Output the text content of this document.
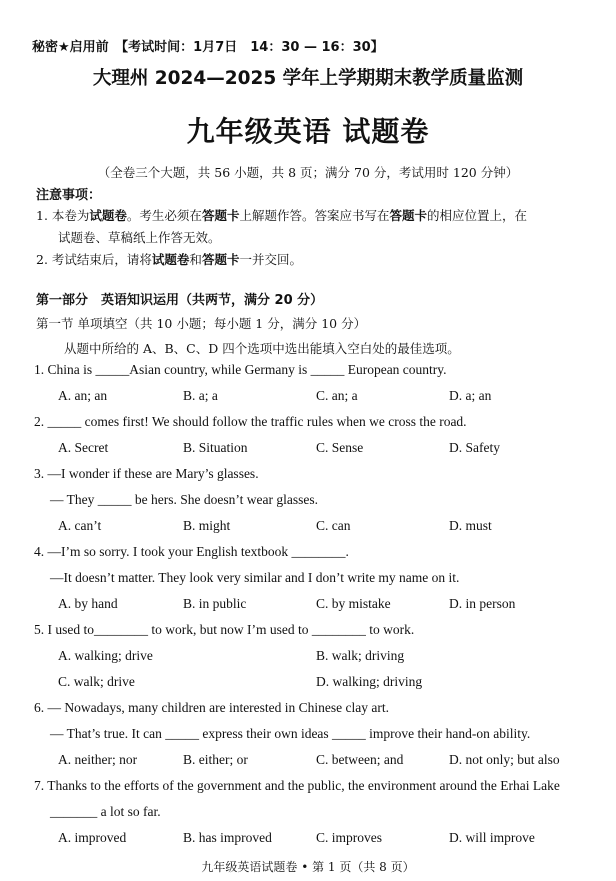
秘密★启用前　【考试时间：1月7日　14：30 — 16：30】
大理州 2024—2025 学年上学期期末教学质量监测
九年级英语 试题卷
（全卷三个大题，共 56 小题，共 8 页；满分 70 分，考试用时 120 分钟）
注意事项：
1. 本卷为试题卷。考生必须在答题卡上解题作答。答案应书写在答题卡的相应位置上，在
试题卷、草稿纸上作答无效。
2. 考试结束后，请将试题卷和答题卡一并交回。
第一部分　英语知识运用（共两节，满分 20 分）
第一节 单项填空（共 10 小题；每小题 1 分，满分 10 分）
从题中所给的 A、B、C、D 四个选项中选出能填入空白处的最佳选项。
1. China is _____Asian country, while Germany is _____ European country.
A. an; an	B. a; a	C. an; a	D. a; an
2. _____ comes first! We should follow the traffic rules when we cross the road.
A. Secret	B. Situation	C. Sense	D. Safety
3. —I wonder if these are Mary’s glasses.
— They _____ be hers. She doesn’t wear glasses.
A. can’t	B. might	C. can	D. must
4. —I’m so sorry. I took your English textbook ________.
—It doesn’t matter. They look very similar and I don’t write my name on it.
A. by hand	B. in public	C. by mistake	D. in person
5. I used to________ to work, but now I’m used to ________ to work.
A. walking; drive	B. walk; driving
C. walk; drive	D. walking; driving
6. — Nowadays, many children are interested in Chinese clay art.
— That’s true. It can _____ express their own ideas _____ improve their hand-on ability.
A. neither; nor	B. either; or	C. between; and	D. not only; but also
7. Thanks to the efforts of the government and the public, the environment around the Erhai Lake
_______ a lot so far.
A. improved	B. has improved	C. improves	D. will improve
九年级英语试题卷 • 第 1 页（共 8 页）
